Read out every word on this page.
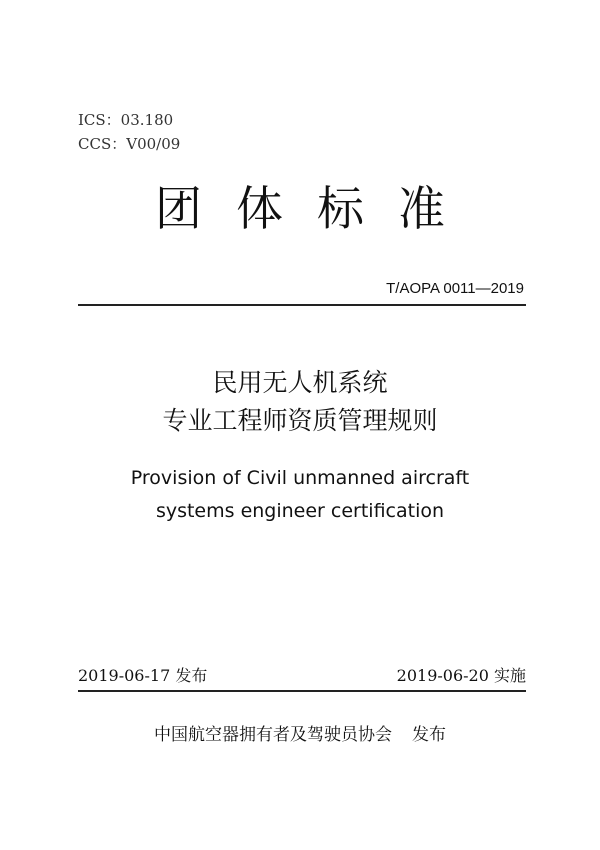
ICS：03.180
CCS：V00/09
团体标准
T/AOPA 0011—2019
民用无人机系统
专业工程师资质管理规则
Provision of Civil unmanned aircraft
systems engineer certification
2019-06-17 发布	2019-06-20 实施
中国航空器拥有者及驾驶员协会 发布
